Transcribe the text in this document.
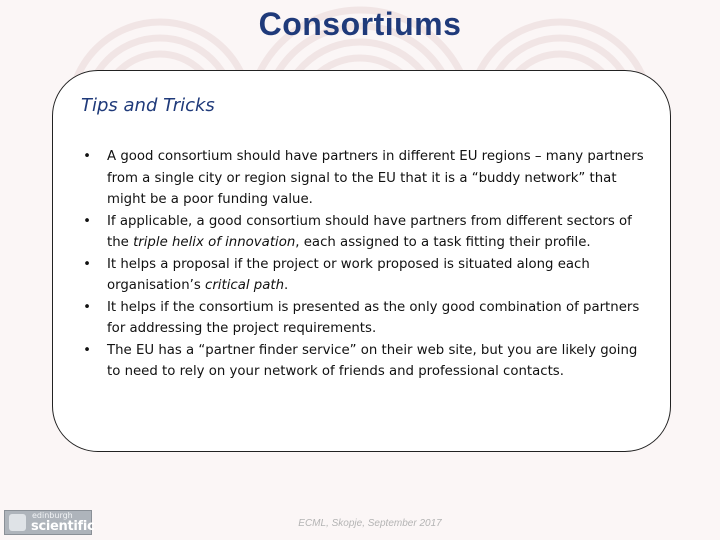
Consortiums
Tips and Tricks
• A good consortium should have partners in different EU regions – many partners from a single city or region signal to the EU that it is a “buddy network” that might be a poor funding value.
• If applicable, a good consortium should have partners from different sectors of the triple helix of innovation, each assigned to a task fitting their profile.
• It helps a proposal if the project or work proposed is situated along each organisation’s critical path.
• It helps if the consortium is presented as the only good combination of partners for addressing the project requirements.
• The EU has a “partner finder service” on their web site, but you are likely going to need to rely on your network of friends and professional contacts.
edinburgh
scientific	ECML, Skopje, September 2017
